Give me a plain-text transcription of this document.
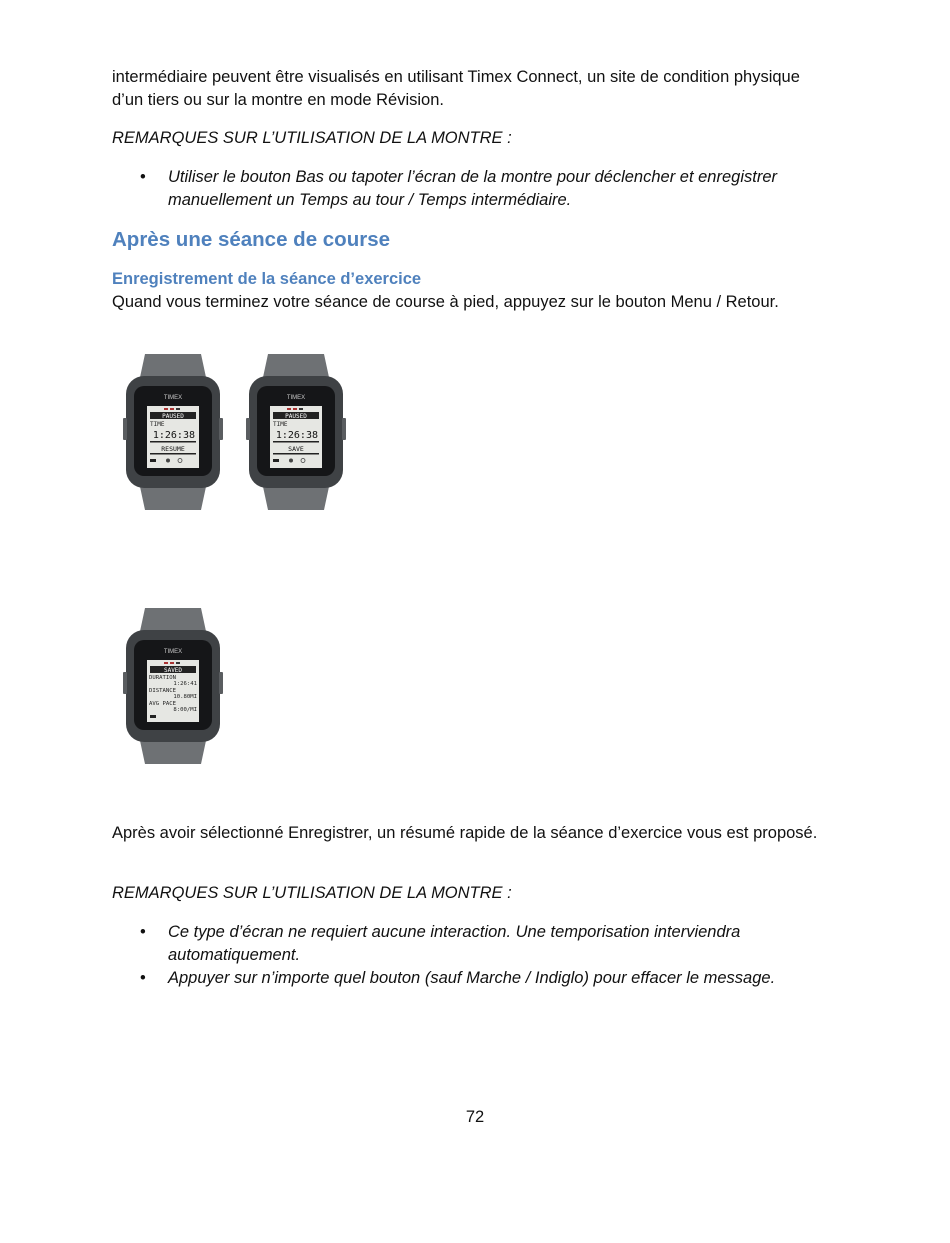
intermédiaire peuvent être visualisés en utilisant Timex Connect, un site de condition physique d’un tiers ou sur la montre en mode Révision.

REMARQUES SUR L’UTILISATION DE LA MONTRE :

• Utiliser le bouton Bas ou tapoter l’écran de la montre pour déclencher et enregistrer manuellement un Temps au tour / Temps intermédiaire.
Après une séance de course
Enregistrement de la séance d’exercice

Quand vous terminez votre séance de course à pied, appuyez sur le bouton Menu / Retour.

TIMEX
PAUSED
TIME
1:26:38
RESUME
TIMEX
PAUSED
TIME
1:26:38
SAVE
TIMEX
SAVED
DURATION
1:26:41
DISTANCE
10.80MI
AVG PACE
8:00/MI

Après avoir sélectionné Enregistrer, un résumé rapide de la séance d’exercice vous est proposé.

REMARQUES SUR L’UTILISATION DE LA MONTRE :

• Ce type d’écran ne requiert aucune interaction. Une temporisation interviendra automatiquement.
• Appuyer sur n’importe quel bouton (sauf Marche / Indiglo) pour effacer le message.
72
